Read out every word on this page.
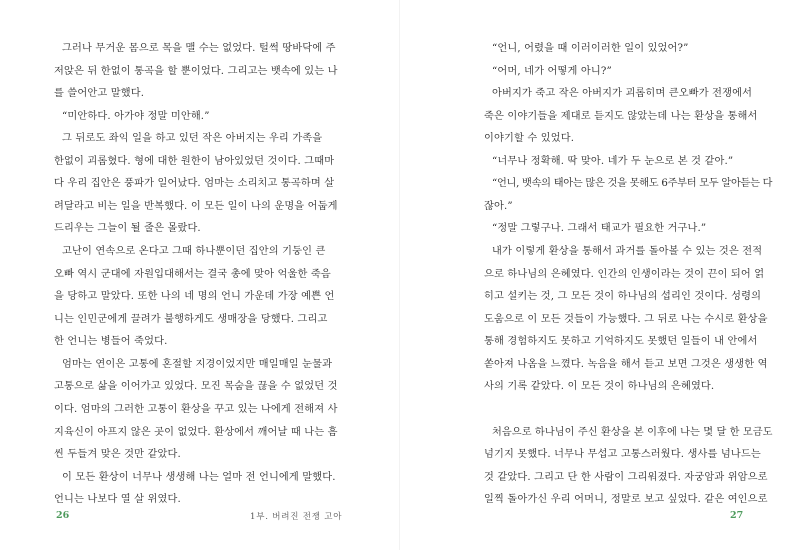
그러나 무거운 몸으로 목을 맬 수는 없었다. 털썩 땅바닥에 주
저앉은 뒤 한없이 통곡을 할 뿐이었다. 그리고는 뱃속에 있는 나
를 쓸어안고 말했다.
“미안하다. 아가야 정말 미안해.”
그 뒤로도 좌익 일을 하고 있던 작은 아버지는 우리 가족을
한없이 괴롭혔다. 형에 대한 원한이 남아있었던 것이다. 그때마
다 우리 집안은 풍파가 일어났다. 엄마는 소리치고 통곡하며 살
려달라고 비는 일을 반복했다. 이 모든 일이 나의 운명을 어둡게
드리우는 그늘이 될 줄은 몰랐다.
고난이 연속으로 온다고 그때 하나뿐이던 집안의 기둥인 큰
오빠 역시 군대에 자원입대해서는 결국 총에 맞아 억울한 죽음
을 당하고 말았다. 또한 나의 네 명의 언니 가운데 가장 예쁜 언
니는 인민군에게 끌려가 불행하게도 생매장을 당했다. 그리고
한 언니는 병들어 죽었다.
엄마는 연이은 고통에 혼절할 지경이었지만 매일매일 눈물과
고통으로 삶을 이어가고 있었다. 모진 목숨을 끊을 수 없었던 것
이다. 엄마의 그러한 고통이 환상을 꾸고 있는 나에게 전해져 사
지육신이 아프지 않은 곳이 없었다. 환상에서 깨어날 때 나는 흠
씬 두들겨 맞은 것만 같았다.
이 모든 환상이 너무나 생생해 나는 얼마 전 언니에게 말했다.
언니는 나보다 열 살 위였다.
26	1부. 버려진 전쟁 고아
“언니, 어렸을 때 이러이러한 일이 있었어?”
“어머, 네가 어떻게 아니?”
아버지가 죽고 작은 아버지가 괴롭히며 큰오빠가 전쟁에서
죽은 이야기들을 제대로 듣지도 않았는데 나는 환상을 통해서
이야기할 수 있었다.
“너무나 정확해. 딱 맞아. 네가 두 눈으로 본 것 같아.”
“언니, 뱃속의 태아는 많은 것을 못해도 6주부터 모두 알아듣는 다
잖아.”
“정말 그렇구나. 그래서 태교가 필요한 거구나.”
내가 이렇게 환상을 통해서 과거를 돌아볼 수 있는 것은 전적
으로 하나님의 은혜였다. 인간의 인생이라는 것이 끈이 되어 얽
히고 설키는 것, 그 모든 것이 하나님의 섭리인 것이다. 성령의
도움으로 이 모든 것들이 가능했다. 그 뒤로 나는 수시로 환상을
통해 경험하지도 못하고 기억하지도 못했던 일들이 내 안에서
쏟아져 나옴을 느꼈다. 녹음을 해서 듣고 보면 그것은 생생한 역
사의 기록 같았다. 이 모든 것이 하나님의 은혜였다.
처음으로 하나님이 주신 환상을 본 이후에 나는 몇 달 한 모금도
넘기지 못했다. 너무나 무섭고 고통스러웠다. 생사를 넘나드는
것 같았다. 그리고 단 한 사람이 그리워졌다. 자궁암과 위암으로
일찍 돌아가신 우리 어머니, 정말로 보고 싶었다. 같은 여인으로
27
